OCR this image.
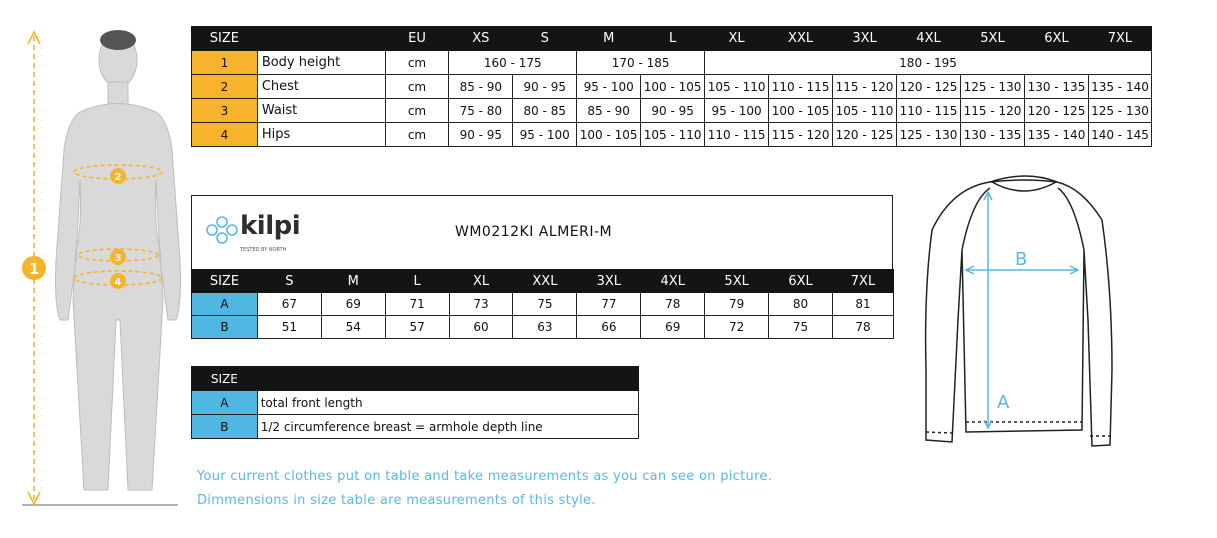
1
2
3
4
SIZE		EU	XS	S	M	L	XL	XXL	3XL	4XL	5XL	6XL	7XL
1	Body height	cm	160 - 175		170 - 185		180 - 195						
2	Chest	cm	85 - 90	90 - 95	95 - 100	100 - 105	105 - 110	110 - 115	115 - 120	120 - 125	125 - 130	130 - 135	135 - 140
3	Waist	cm	75 - 80	80 - 85	85 - 90	90 - 95	95 - 100	100 - 105	105 - 110	110 - 115	115 - 120	120 - 125	125 - 130
4	Hips	cm	90 - 95	95 - 100	100 - 105	105 - 110	110 - 115	115 - 120	120 - 125	125 - 130	130 - 135	135 - 140	140 - 145
kilpi
TESTED BY NORTH
WM0212KI ALMERI-M
SIZE	S	M	L	XL	XXL	3XL	4XL	5XL	6XL	7XL
A	67	69	71	73	75	77	78	79	80	81
B	51	54	57	60	63	66	69	72	75	78
SIZE	
A	total front length
B	1/2 circumference breast = armhole depth line
Your current clothes put on table and take measurements as you can see on picture.
Dimmensions in size table are measurements of this style.
B
A
